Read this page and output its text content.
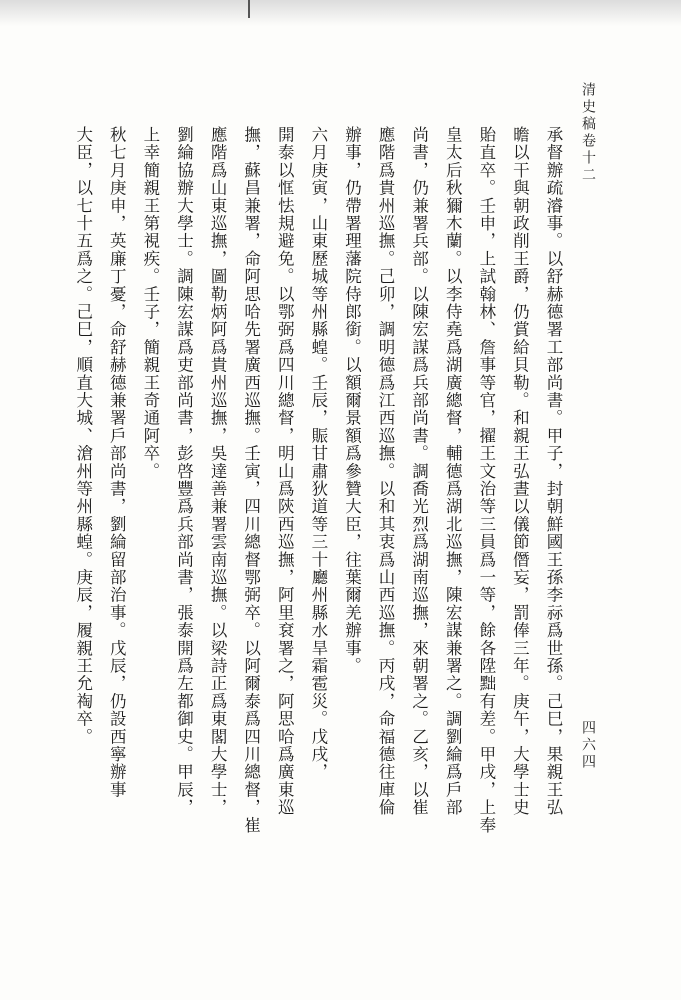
清史稿卷十二
四六四
承督辦疏濬事。以舒赫德署工部尚書。甲子，封朝鮮國王孫李祘爲世孫。己巳，果親王弘
曕以干與朝政削王爵，仍賞給貝勒。和親王弘晝以儀節僭妄，罰俸三年。庚午，大學士史
貽直卒。壬申，上試翰林、詹事等官，擢王文治等三員爲一等，餘各陞黜有差。甲戌，上奉
皇太后秋獮木蘭。以李侍堯爲湖廣總督，輔德爲湖北巡撫，陳宏謀兼署之。調劉綸爲戶部
尚書，仍兼署兵部。以陳宏謀爲兵部尚書。調喬光烈爲湖南巡撫，來朝署之。乙亥，以崔
應階爲貴州巡撫。己卯，調明德爲江西巡撫。以和其衷爲山西巡撫。丙戌，命福德往庫倫
辦事，仍帶署理藩院侍郎銜。以額爾景額爲參贊大臣，往葉爾羌辦事。
六月庚寅，山東歷城等州縣蝗。壬辰，賑甘肅狄道等三十廳州縣水旱霜雹災。戊戌，
開泰以恇怯規避免。以鄂弼爲四川總督，明山爲陝西巡撫，阿里袞署之，阿思哈爲廣東巡
撫，蘇昌兼署，命阿思哈先署廣西巡撫。壬寅，四川總督鄂弼卒。以阿爾泰爲四川總督，崔
應階爲山東巡撫，圖勒炳阿爲貴州巡撫，吳達善兼署雲南巡撫。以梁詩正爲東閣大學士，
劉綸協辦大學士。調陳宏謀爲吏部尚書，彭啓豐爲兵部尚書，張泰開爲左都御史。甲辰，
上幸簡親王第視疾。壬子，簡親王奇通阿卒。
秋七月庚申，英廉丁憂，命舒赫德兼署戶部尚書，劉綸留部治事。戊辰，仍設西寧辦事
大臣，以七十五爲之。己巳，順直大城、滄州等州縣蝗。庚辰，履親王允祹卒。
